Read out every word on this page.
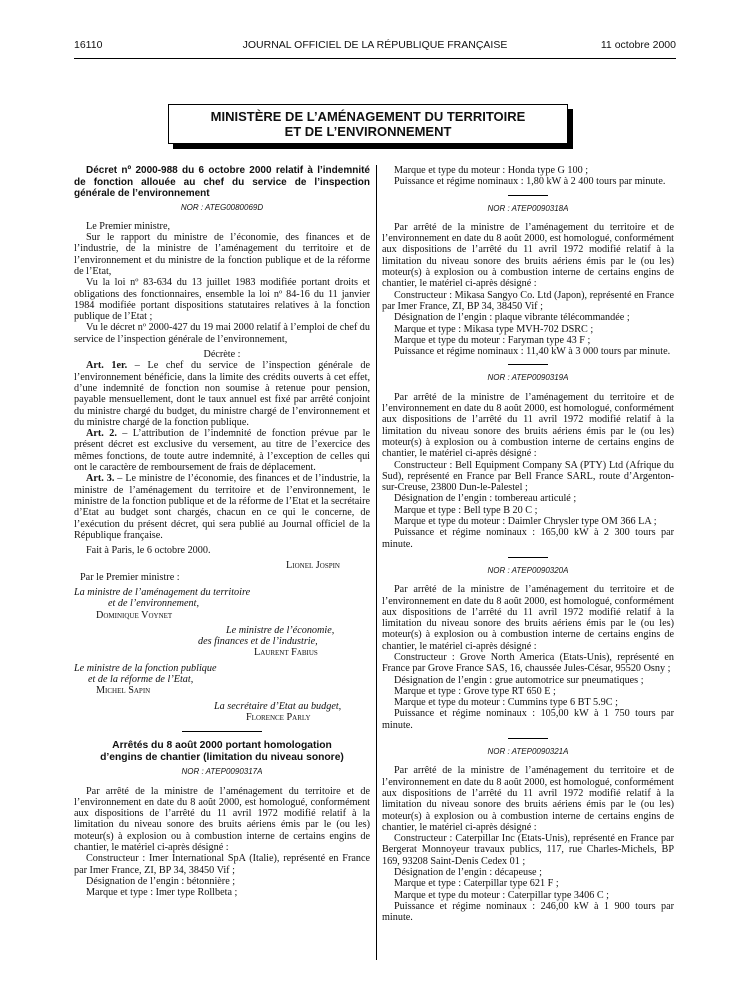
16110	JOURNAL OFFICIEL DE LA RÉPUBLIQUE FRANÇAISE	11 octobre 2000
MINISTÈRE DE L’AMÉNAGEMENT DU TERRITOIRE
ET DE L’ENVIRONNEMENT

Décret nº 2000-988 du 6 octobre 2000 relatif à l’indemnité de fonction allouée au chef du service de l’inspection générale de l’environnement

NOR : ATEG0080069D

Le Premier ministre,

Sur le rapport du ministre de l’économie, des finances et de l’industrie, de la ministre de l’aménagement du territoire et de l’environnement et du ministre de la fonction publique et de la réforme de l’Etat,

Vu la loi nº 83-634 du 13 juillet 1983 modifiée portant droits et obligations des fonctionnaires, ensemble la loi nº 84-16 du 11 janvier 1984 modifiée portant dispositions statutaires relatives à la fonction publique de l’Etat ;

Vu le décret nº 2000-427 du 19 mai 2000 relatif à l’emploi de chef du service de l’inspection générale de l’environnement,

Décrète :

Art. 1er. – Le chef du service de l’inspection générale de l’environnement bénéficie, dans la limite des crédits ouverts à cet effet, d’une indemnité de fonction non soumise à retenue pour pension, payable mensuellement, dont le taux annuel est fixé par arrêté conjoint du ministre chargé du budget, du ministre chargé de l’environnement et du ministre chargé de la fonction publique.

Art. 2. – L’attribution de l’indemnité de fonction prévue par le présent décret est exclusive du versement, au titre de l’exercice des mêmes fonctions, de toute autre indemnité, à l’exception de celles qui ont le caractère de remboursement de frais de déplacement.

Art. 3. – Le ministre de l’économie, des finances et de l’industrie, la ministre de l’aménagement du territoire et de l’environnement, le ministre de la fonction publique et de la réforme de l’Etat et la secrétaire d’Etat au budget sont chargés, chacun en ce qui le concerne, de l’exécution du présent décret, qui sera publié au Journal officiel de la République française.

Fait à Paris, le 6 octobre 2000.

Lionel Jospin

Par le Premier ministre :

La ministre de l’aménagement du territoire

et de l’environnement,

Dominique Voynet

Le ministre de l’économie,

des finances et de l’industrie,

Laurent Fabius

Le ministre de la fonction publique

et de la réforme de l’Etat,

Michel Sapin

La secrétaire d’Etat au budget,

Florence Parly

Arrêtés du 8 août 2000 portant homologation

d’engins de chantier (limitation du niveau sonore)

NOR : ATEP0090317A

Par arrêté de la ministre de l’aménagement du territoire et de l’environnement en date du 8 août 2000, est homologué, conformément aux dispositions de l’arrêté du 11 avril 1972 modifié relatif à la limitation du niveau sonore des bruits aériens émis par le (ou les) moteur(s) à explosion ou à combustion interne de certains engins de chantier, le matériel ci-après désigné :

Constructeur : Imer International SpA (Italie), représenté en France par Imer France, ZI, BP 34, 38450 Vif ;

Désignation de l’engin : bétonnière ;

Marque et type : Imer type Rollbeta ;

Marque et type du moteur : Honda type G 100 ;

Puissance et régime nominaux : 1,80 kW à 2 400 tours par minute.

NOR : ATEP0090318A

Par arrêté de la ministre de l’aménagement du territoire et de l’environnement en date du 8 août 2000, est homologué, conformément aux dispositions de l’arrêté du 11 avril 1972 modifié relatif à la limitation du niveau sonore des bruits aériens émis par le (ou les) moteur(s) à explosion ou à combustion interne de certains engins de chantier, le matériel ci-après désigné :

Constructeur : Mikasa Sangyo Co. Ltd (Japon), représenté en France par Imer France, ZI, BP 34, 38450 Vif ;

Désignation de l’engin : plaque vibrante télécommandée ;

Marque et type : Mikasa type MVH-702 DSRC ;

Marque et type du moteur : Faryman type 43 F ;

Puissance et régime nominaux : 11,40 kW à 3 000 tours par minute.

NOR : ATEP0090319A

Par arrêté de la ministre de l’aménagement du territoire et de l’environnement en date du 8 août 2000, est homologué, conformément aux dispositions de l’arrêté du 11 avril 1972 modifié relatif à la limitation du niveau sonore des bruits aériens émis par le (ou les) moteur(s) à explosion ou à combustion interne de certains engins de chantier, le matériel ci-après désigné :

Constructeur : Bell Equipment Company SA (PTY) Ltd (Afrique du Sud), représenté en France par Bell France SARL, route d’Argenton-sur-Creuse, 23800 Dun-le-Palestel ;

Désignation de l’engin : tombereau articulé ;

Marque et type : Bell type B 20 C ;

Marque et type du moteur : Daimler Chrysler type OM 366 LA ;

Puissance et régime nominaux : 165,00 kW à 2 300 tours par minute.

NOR : ATEP0090320A

Par arrêté de la ministre de l’aménagement du territoire et de l’environnement en date du 8 août 2000, est homologué, conformément aux dispositions de l’arrêté du 11 avril 1972 modifié relatif à la limitation du niveau sonore des bruits aériens émis par le (ou les) moteur(s) à explosion ou à combustion interne de certains engins de chantier, le matériel ci-après désigné :

Constructeur : Grove North America (Etats-Unis), représenté en France par Grove France SAS, 16, chaussée Jules-César, 95520 Osny ;

Désignation de l’engin : grue automotrice sur pneumatiques ;

Marque et type : Grove type RT 650 E ;

Marque et type du moteur : Cummins type 6 BT 5.9C ;

Puissance et régime nominaux : 105,00 kW à 1 750 tours par minute.

NOR : ATEP0090321A

Par arrêté de la ministre de l’aménagement du territoire et de l’environnement en date du 8 août 2000, est homologué, conformément aux dispositions de l’arrêté du 11 avril 1972 modifié relatif à la limitation du niveau sonore des bruits aériens émis par le (ou les) moteur(s) à explosion ou à combustion interne de certains engins de chantier, le matériel ci-après désigné :

Constructeur : Caterpillar Inc (Etats-Unis), représenté en France par Bergerat Monnoyeur travaux publics, 117, rue Charles-Michels, BP 169, 93208 Saint-Denis Cedex 01 ;

Désignation de l’engin : décapeuse ;

Marque et type : Caterpillar type 621 F ;

Marque et type du moteur : Caterpillar type 3406 C ;

Puissance et régime nominaux : 246,00 kW à 1 900 tours par minute.
